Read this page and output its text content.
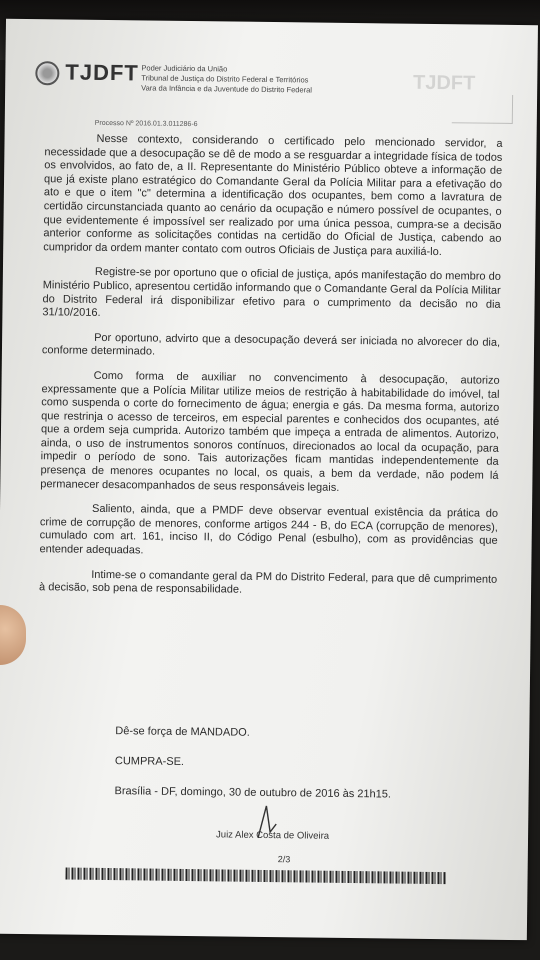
TJDFT Poder Judiciário da União
Tribunal de Justiça do Distrito Federal e Territórios
Vara da Infância e da Juventude do Distrito Federal	TJDFT
Processo Nº 2016.01.3.011286-6

Nesse contexto, considerando o certificado pelo mencionado servidor, a necessidade que a desocupação se dê de modo a se resguardar a integridade física de todos os envolvidos, ao fato de, a II. Representante do Ministério Público obteve a informação de que já existe plano estratégico do Comandante Geral da Polícia Militar para a efetivação do ato e que o item "c" determina a identificação dos ocupantes, bem como a lavratura de certidão circunstanciada quanto ao cenário da ocupação e número possível de ocupantes, o que evidentemente é impossível ser realizado por uma única pessoa, cumpra-se a decisão anterior conforme as solicitações contidas na certidão do Oficial de Justiça, cabendo ao cumpridor da ordem manter contato com outros Oficiais de Justiça para auxiliá-lo.

Registre-se por oportuno que o oficial de justiça, após manifestação do membro do Ministério Publico, apresentou certidão informando que o Comandante Geral da Polícia Militar do Distrito Federal irá disponibilizar efetivo para o cumprimento da decisão no dia 31/10/2016.

Por oportuno, advirto que a desocupação deverá ser iniciada no alvorecer do dia, conforme determinado.

Como forma de auxiliar no convencimento à desocupação, autorizo expressamente que a Polícia Militar utilize meios de restrição à habitabilidade do imóvel, tal como suspenda o corte do fornecimento de água; energia e gás. Da mesma forma, autorizo que restrinja o acesso de terceiros, em especial parentes e conhecidos dos ocupantes, até que a ordem seja cumprida. Autorizo também que impeça a entrada de alimentos. Autorizo, ainda, o uso de instrumentos sonoros contínuos, direcionados ao local da ocupação, para impedir o período de sono. Tais autorizações ficam mantidas independentemente da presença de menores ocupantes no local, os quais, a bem da verdade, não podem lá permanecer desacompanhados de seus responsáveis legais.

Saliento, ainda, que a PMDF deve observar eventual existência da prática do crime de corrupção de menores, conforme artigos 244 - B, do ECA (corrupção de menores), cumulado com art. 161, inciso II, do Código Penal (esbulho), com as providências que entender adequadas.

Intime-se o comandante geral da PM do Distrito Federal, para que dê cumprimento à decisão, sob pena de responsabilidade.

Dê-se força de MANDADO.
CUMPRA-SE.
Brasília - DF, domingo, 30 de outubro de 2016 às 21h15.
Juiz Alex Costa de Oliveira
2/3
